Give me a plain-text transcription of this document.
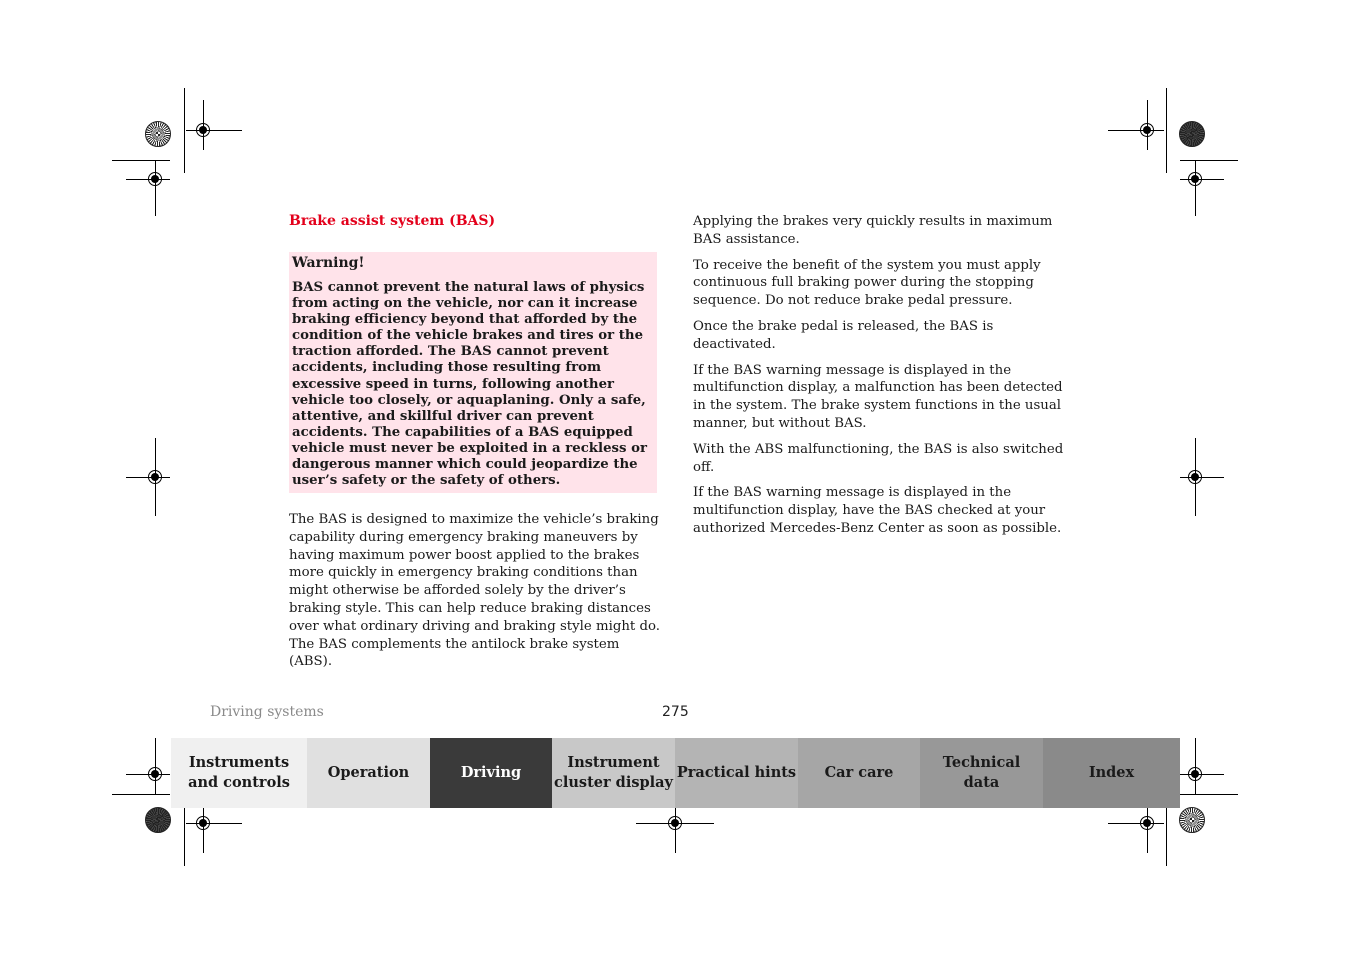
Brake assist system (BAS)
Warning!
BAS cannot prevent the natural laws of physics from acting on the vehicle, nor can it increase braking efficiency beyond that afforded by the condition of the vehicle brakes and tires or the traction afforded. The BAS cannot prevent accidents, including those resulting from excessive speed in turns, following another vehicle too closely, or aquaplaning. Only a safe, attentive, and skillful driver can prevent accidents. The capabilities of a BAS equipped vehicle must never be exploited in a reckless or dangerous manner which could jeopardize the user’s safety or the safety of others.
The BAS is designed to maximize the vehicle’s braking capability during emergency braking maneuvers by having maximum power boost applied to the brakes more quickly in emergency braking conditions than might otherwise be afforded solely by the driver’s braking style. This can help reduce braking distances over what ordinary driving and braking style might do. The BAS complements the antilock brake system (ABS).

Applying the brakes very quickly results in maximum BAS assistance.

To receive the benefit of the system you must apply continuous full braking power during the stopping sequence. Do not reduce brake pedal pressure.

Once the brake pedal is released, the BAS is deactivated.

If the BAS warning message is displayed in the multifunction display, a malfunction has been detected in the system. The brake system functions in the usual manner, but without BAS.

With the ABS malfunctioning, the BAS is also switched off.

If the BAS warning message is displayed in the multifunction display, have the BAS checked at your authorized Mercedes-Benz Center as soon as possible.

Driving systems	275
Instruments
and controls
Operation	Driving
Instrument
cluster display
Practical hints Car care
Technical
data
Index
